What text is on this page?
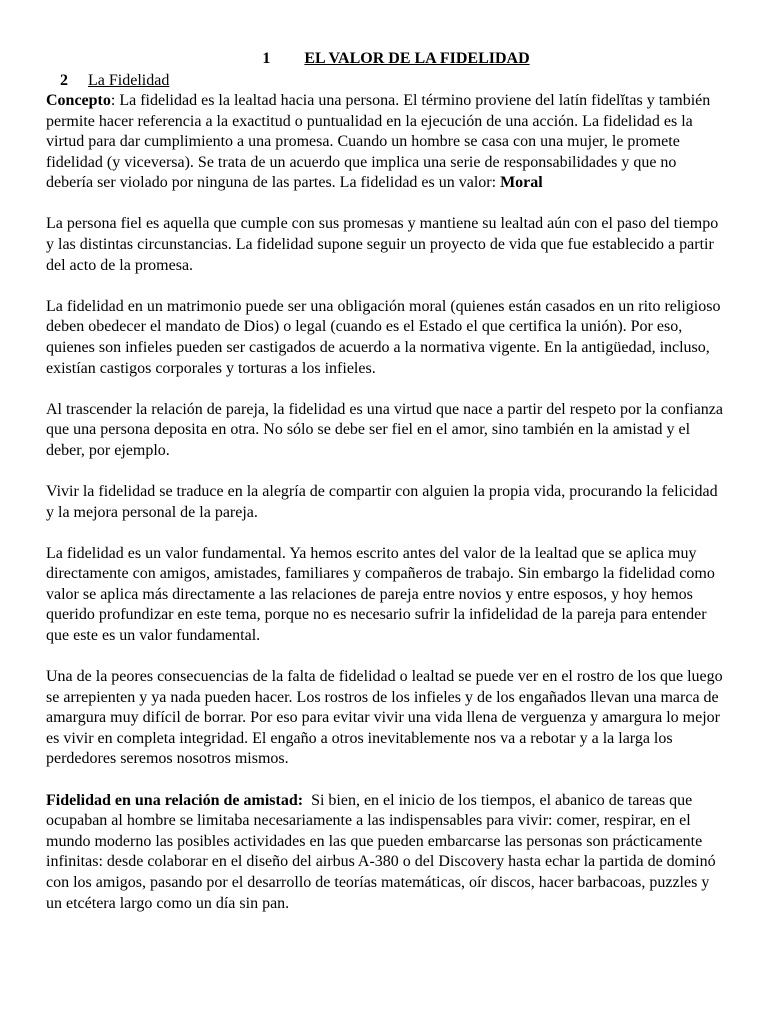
1 EL VALOR DE LA FIDELIDAD
2 La Fidelidad

Concepto: La fidelidad es la lealtad hacia una persona. El término proviene del latín fidelĭtas y también permite hacer referencia a la exactitud o puntualidad en la ejecución de una acción. La fidelidad es la virtud para dar cumplimiento a una promesa. Cuando un hombre se casa con una mujer, le promete fidelidad (y viceversa). Se trata de un acuerdo que implica una serie de responsabilidades y que no debería ser violado por ninguna de las partes. La fidelidad es un valor: Moral

La persona fiel es aquella que cumple con sus promesas y mantiene su lealtad aún con el paso del tiempo y las distintas circunstancias. La fidelidad supone seguir un proyecto de vida que fue establecido a partir del acto de la promesa.

La fidelidad en un matrimonio puede ser una obligación moral (quienes están casados en un rito religioso deben obedecer el mandato de Dios) o legal (cuando es el Estado el que certifica la unión). Por eso, quienes son infieles pueden ser castigados de acuerdo a la normativa vigente. En la antigüedad, incluso, existían castigos corporales y torturas a los infieles.

Al trascender la relación de pareja, la fidelidad es una virtud que nace a partir del respeto por la confianza que una persona deposita en otra. No sólo se debe ser fiel en el amor, sino también en la amistad y el deber, por ejemplo.

Vivir la fidelidad se traduce en la alegría de compartir con alguien la propia vida, procurando la felicidad y la mejora personal de la pareja.

La fidelidad es un valor fundamental. Ya hemos escrito antes del valor de la lealtad que se aplica muy directamente con amigos, amistades, familiares y compañeros de trabajo. Sin embargo la fidelidad como valor se aplica más directamente a las relaciones de pareja entre novios y entre esposos, y hoy hemos querido profundizar en este tema, porque no es necesario sufrir la infidelidad de la pareja para entender que este es un valor fundamental.

Una de la peores consecuencias de la falta de fidelidad o lealtad se puede ver en el rostro de los que luego se arrepienten y ya nada pueden hacer. Los rostros de los infieles y de los engañados llevan una marca de amargura muy difícil de borrar. Por eso para evitar vivir una vida llena de verguenza y amargura lo mejor es vivir en completa integridad. El engaño a otros inevitablemente nos va a rebotar y a la larga los perdedores seremos nosotros mismos.

Fidelidad en una relación de amistad: Si bien, en el inicio de los tiempos, el abanico de tareas que ocupaban al hombre se limitaba necesariamente a las indispensables para vivir: comer, respirar, en el mundo moderno las posibles actividades en las que pueden embarcarse las personas son prácticamente infinitas: desde colaborar en el diseño del airbus A-380 o del Discovery hasta echar la partida de dominó con los amigos, pasando por el desarrollo de teorías matemáticas, oír discos, hacer barbacoas, puzzles y un etcétera largo como un día sin pan.
